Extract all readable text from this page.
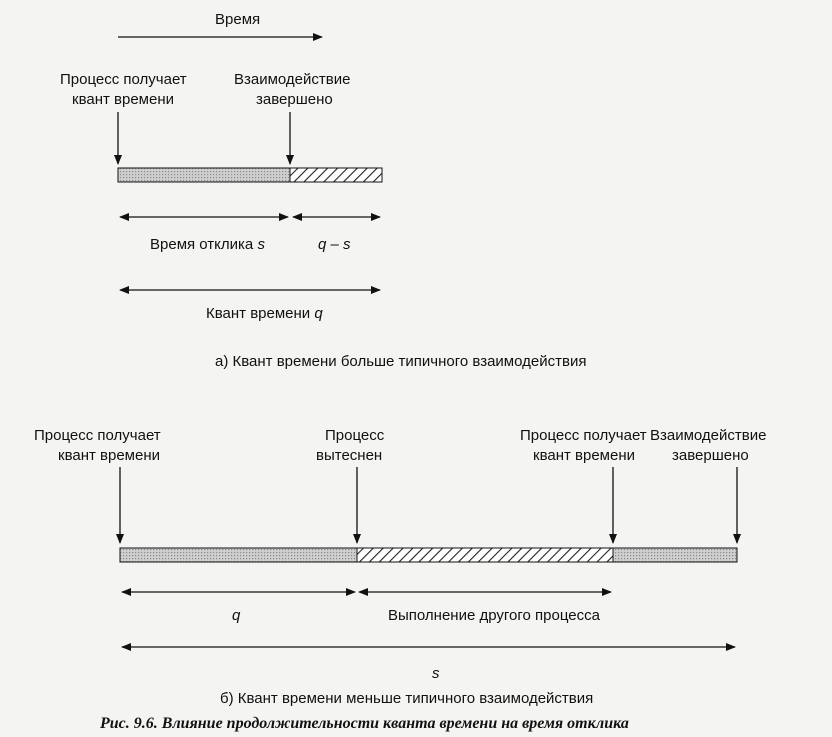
Время
Процесс получает
квант времени
Взаимодействие
завершено
Время отклика s	q – s
Квант времени q
а) Квант времени больше типичного взаимодействия
Процесс получает
квант времени
Процесс
вытеснен
Процесс получает
квант времени
Взаимодействие
завершено
q	Выполнение другого процесса
s
б) Квант времени меньше типичного взаимодействия
Рис. 9.6. Влияние продолжительности кванта времени на время отклика
